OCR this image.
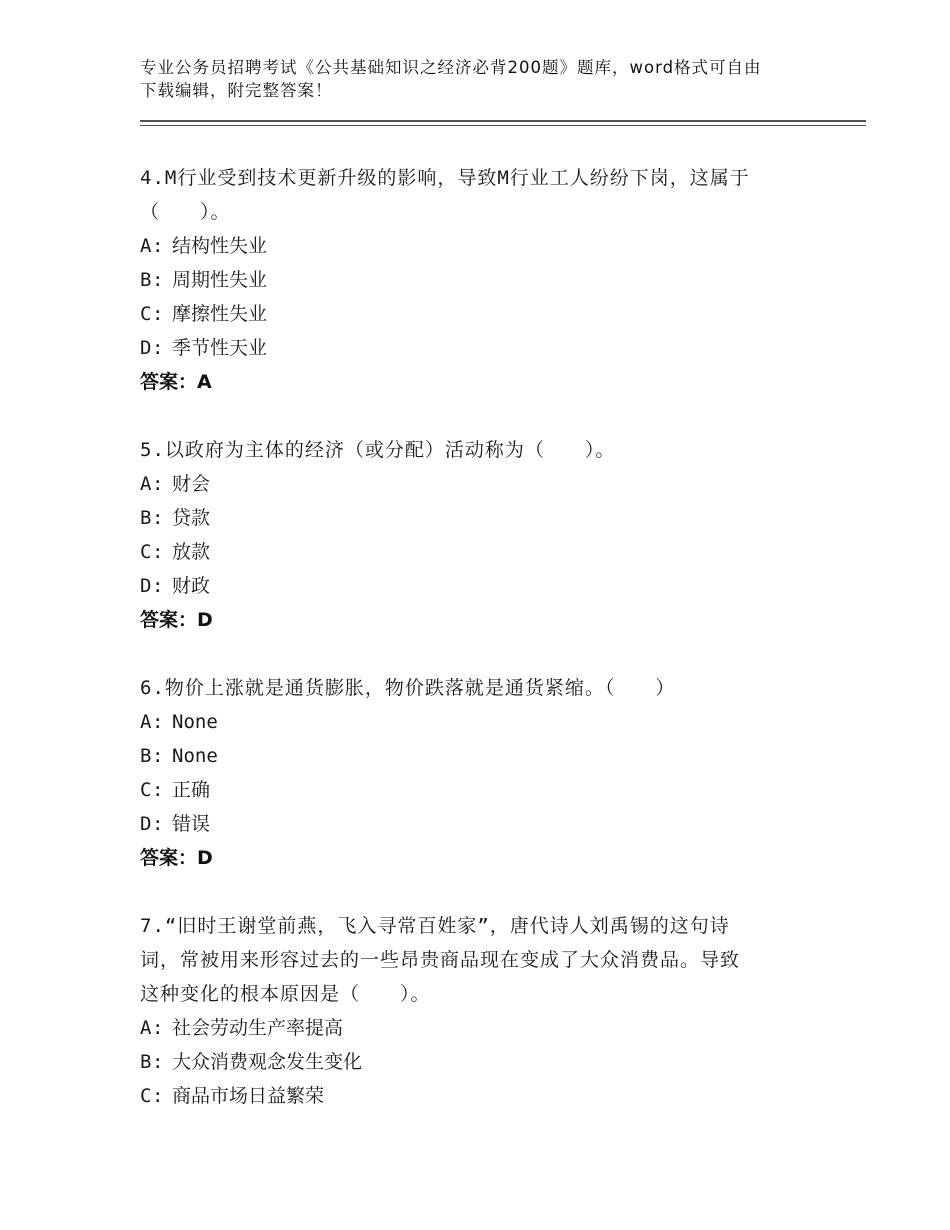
专业公务员招聘考试《公共基础知识之经济必背200题》题库，word格式可自由
下载编辑，附完整答案！
4.M行业受到技术更新升级的影响，导致M行业工人纷纷下岗，这属于
（　　）。
A: 结构性失业
B: 周期性失业
C: 摩擦性失业
D: 季节性天业
答案：A
5.以政府为主体的经济（或分配）活动称为（　　）。
A: 财会
B: 贷款
C: 放款
D: 财政
答案：D
6.物价上涨就是通货膨胀，物价跌落就是通货紧缩。（　　）
A: None
B: None
C: 正确
D: 错误
答案：D
7.“旧时王谢堂前燕，飞入寻常百姓家”，唐代诗人刘禹锡的这句诗
词，常被用来形容过去的一些昂贵商品现在变成了大众消费品。导致
这种变化的根本原因是（　　）。
A: 社会劳动生产率提高
B: 大众消费观念发生变化
C: 商品市场日益繁荣
